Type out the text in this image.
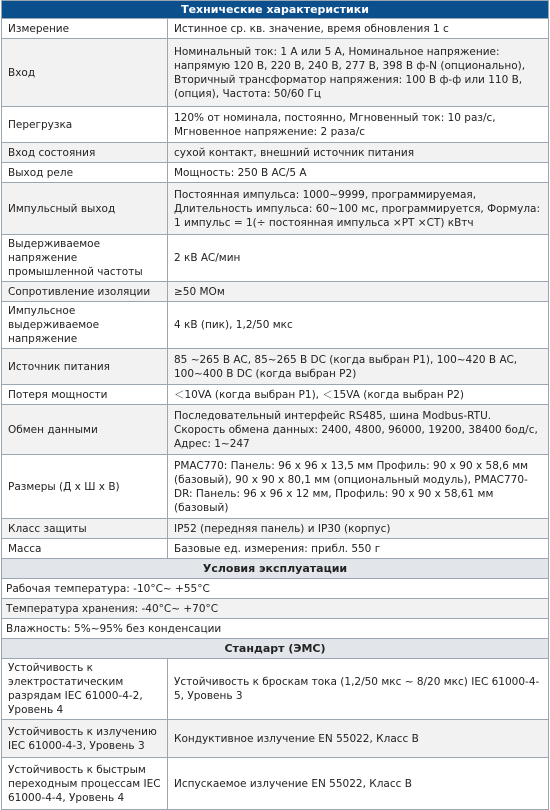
Технические характеристики	
Измерение	Истинное ср. кв. значение, время обновления 1 с
Вход	Номинальный ток: 1 А или 5 А, Номинальное напряжение: напрямую 120 В, 220 В, 240 В, 277 В, 398 В ф-N (опционально), Вторичный трансформатор напряжения: 100 В ф-ф или 110 В, (опция), Частота: 50/60 Гц
Перегрузка	120% от номинала, постоянно, Мгновенный ток: 10 раз/с, Мгновенное напряжение: 2 раза/с
Вход состояния	сухой контакт, внешний источник питания
Выход реле	Мощность: 250 В AC/5 А
Импульсный выход	Постоянная импульса: 1000~9999, программируемая, Длительность импульса: 60~100 мс, программируется, Формула: 1 импульс = 1(÷ постоянная импульса ×PT ×CT) кВтч
Выдерживаемое напряжение промышленной частоты	2 кВ AC/мин
Сопротивление изоляции	≥50 МОм
Импульсное выдерживаемое напряжение	4 кВ (пик), 1,2/50 мкс
Источник питания	85 ~265 В AC, 85~265 В DC (когда выбран P1), 100~420 В AC, 100~400 В DC (когда выбран P2)
Потеря мощности	＜10VA (когда выбран P1), ＜15VA (когда выбран P2)
Обмен данными	Последовательный интерфейс RS485, шина Modbus-RTU. Скорость обмена данных: 2400, 4800, 96000, 19200, 38400 бод/с, Адрес: 1~247
Размеры (Д х Ш х В)	PMAC770: Панель: 96 х 96 х 13,5 мм Профиль: 90 х 90 х 58,6 мм (базовый), 90 х 90 х 80,1 мм (опциональный модуль), PMAC770-DR: Панель: 96 х 96 х 12 мм, Профиль: 90 х 90 х 58,61 мм (базовый)
Класс защиты	IP52 (передняя панель) и IP30 (корпус)
Масса	Базовые ед. измерения: прибл. 550 г
Условия эксплуатации	
Рабочая температура: -10°C~ +55°C	
Температура хранения: -40°C~ +70°C	
Влажность: 5%~95% без конденсации	
Стандарт (ЭМС)	
Устойчивость к электростатическим разрядам IEC 61000-4-2, Уровень 4	Устойчивость к броскам тока (1,2/50 мкс ~ 8/20 мкс) IEC 61000-4-5, Уровень 3
Устойчивость к излучению IEC 61000-4-3, Уровень 3	Кондуктивное излучение EN 55022, Класс B
Устойчивость к быстрым переходным процессам IEC 61000-4-4, Уровень 4	Испускаемое излучение EN 55022, Класс B
